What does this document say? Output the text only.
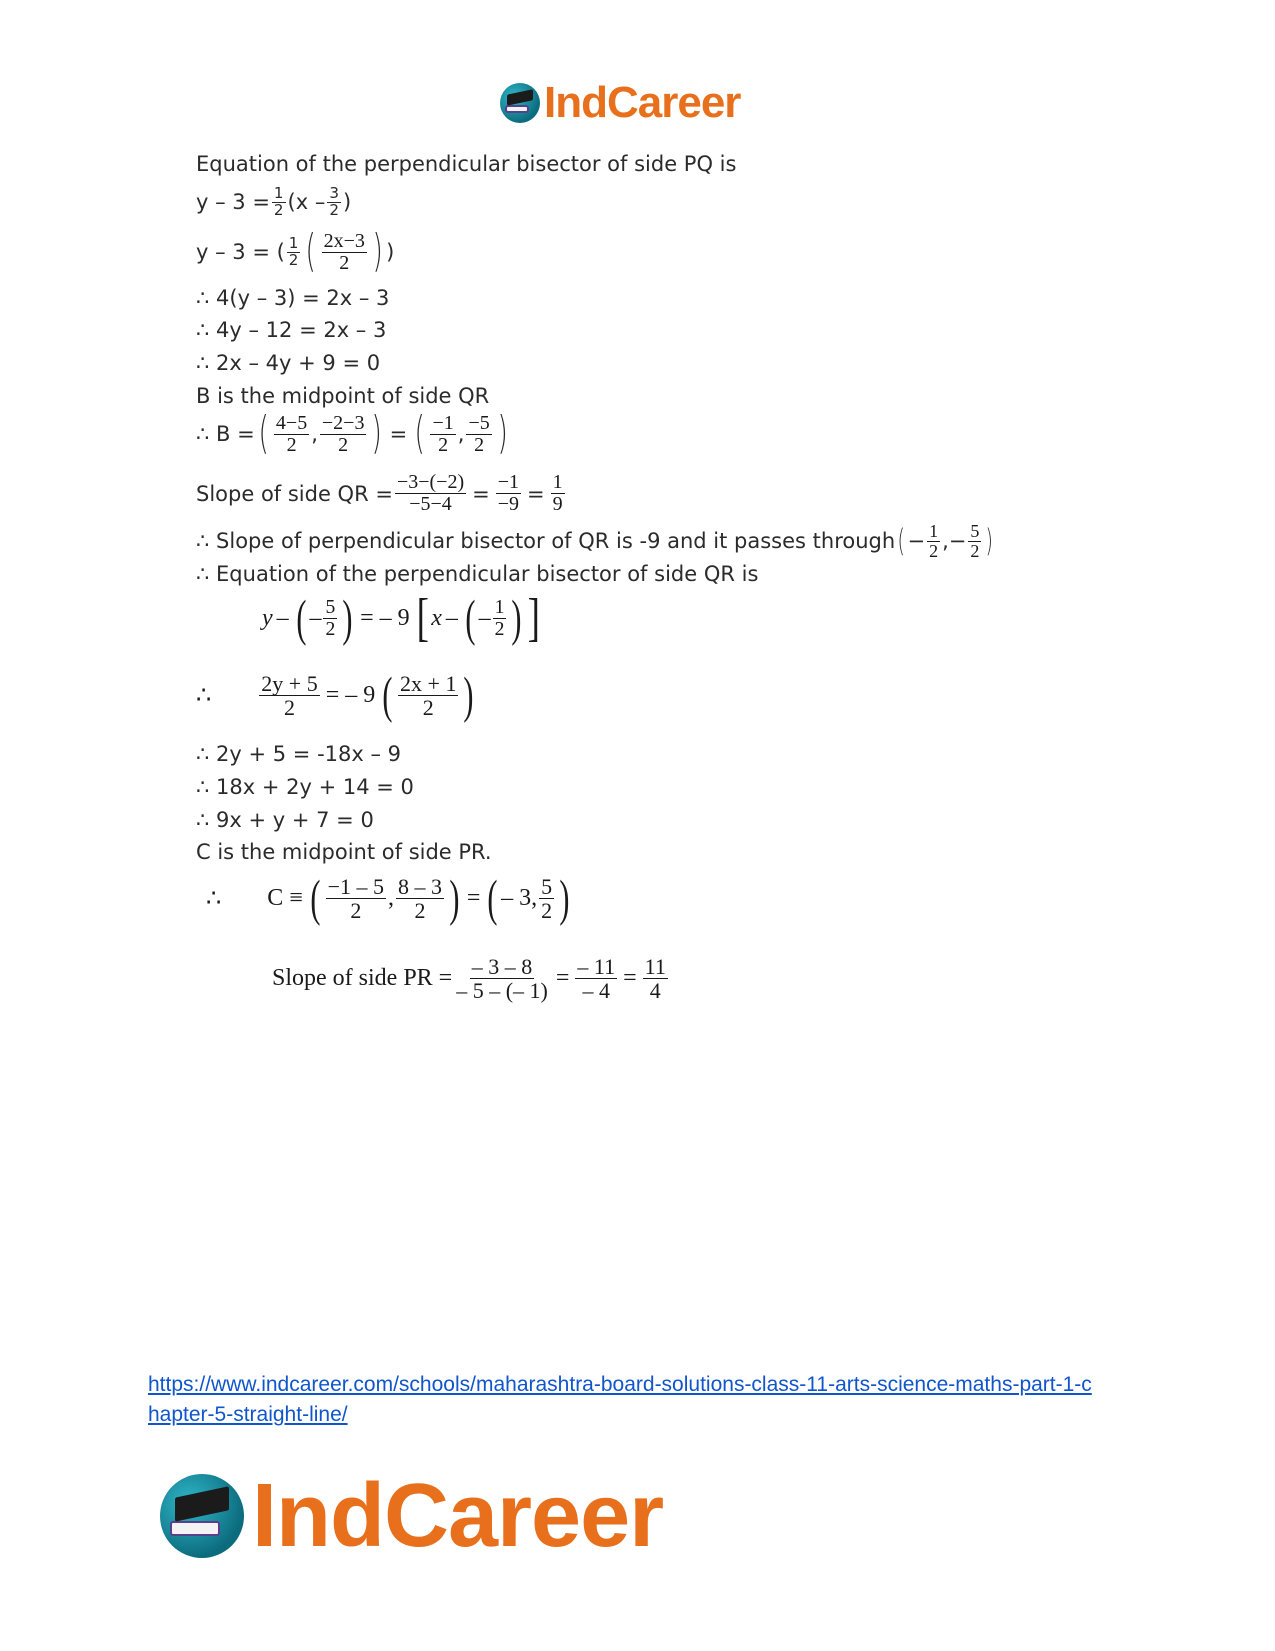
IndCareer
Equation of the perpendicular bisector of side PQ is
$y - 3 = \frac{1}{2} (x - \frac{3}{2}$ )
y – 3 = ( $\frac{1}{2}$ ( $\frac{2x-3}{2}$ ) )
∴ 4(y – 3) = 2x – 3
∴ 4y – 12 = 2x – 3
∴ 2x – 4y + 9 = 0
B is the midpoint of side QR
∴ B = ( $\frac{4-5}{2}$ , $\frac{-2-3}{2}$ ) = ( $\frac{-1}{2}$ , $\frac{-5}{2}$ )
Slope of side QR = $\frac{-3-(-2)}{-5-4} = \frac{-1}{-9} = \frac{1}{9}$
∴ Slope of perpendicular bisector of QR is -9 and it passes through ( − $\frac{1}{2}$ , − $\frac{5}{2}$ )
∴ Equation of the perpendicular bisector of side QR is
y – ( – $\frac{5}{2}$ ) = – 9 [ x – ( – $\frac{1}{2}$ ) ]
∴ $\frac{2y + 5}{2}$ = – 9 ( $\frac{2x + 1}{2}$ )
∴ 2y + 5 = -18x – 9
∴ 18x + 2y + 14 = 0
∴ 9x + y + 7 = 0
C is the midpoint of side PR.
∴ C ≡ ( $\frac{-1 - 5}{2}$ , $\frac{8 - 3}{2}$ ) = ( – 3, $\frac{5}{2}$ )
Slope of side PR = $\frac{- 3 - 8}{- 5 - (- 1)} = \frac{- 11}{- 4} = \frac{11}{4}$
https://www.indcareer.com/schools/maharashtra-board-solutions-class-11-arts-science-maths-part-1-chapter-5-straight-line/
IndCareer
